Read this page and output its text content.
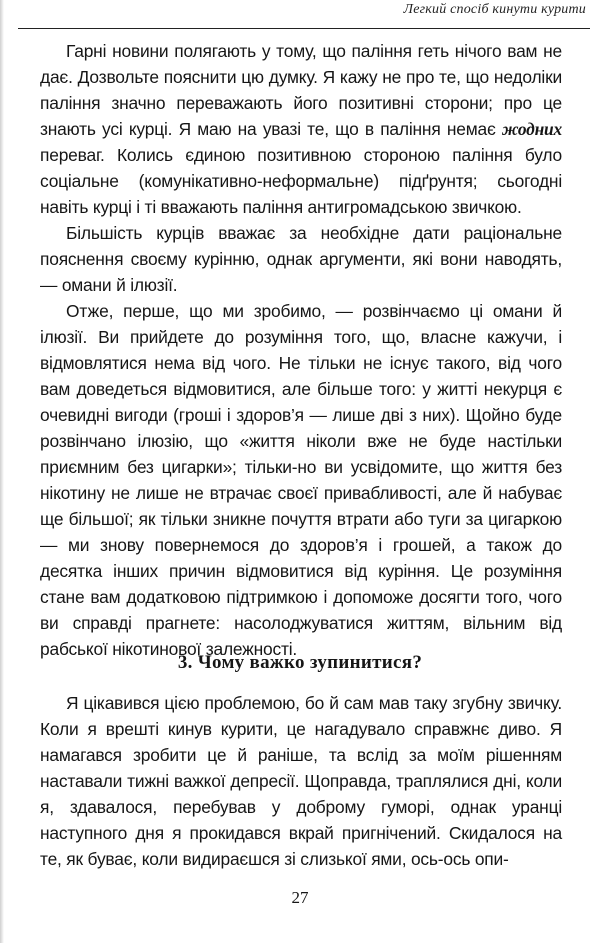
Легкий спосіб кинути курити

Гарні новини полягають у тому, що паління геть нічого вам не дає. Дозвольте пояснити цю думку. Я кажу не про те, що недоліки паління значно переважають його позитивні сторони; про це знають усі курці. Я маю на увазі те, що в паління немає жодних переваг. Колись єдиною позитивною стороною паління було соціальне (комунікативно-неформальне) підґрунтя; сьогодні навіть курці і ті вважають паління антигромадською звичкою.

Більшість курців вважає за необхідне дати раціональне пояснення своєму курінню, однак аргументи, які вони наводять, — омани й ілюзії.

Отже, перше, що ми зробимо, — розвінчаємо ці омани й ілюзії. Ви прийдете до розуміння того, що, власне кажучи, і відмовлятися нема від чого. Не тільки не існує такого, від чого вам доведеться відмовитися, але більше того: у житті некурця є очевидні вигоди (гроші і здоров’я — лише дві з них). Щойно буде розвінчано ілюзію, що «життя ніколи вже не буде настільки приємним без цигарки»; тільки-но ви усвідомите, що життя без нікотину не лише не втрачає своєї привабливості, але й набуває ще більшої; як тільки зникне почуття втрати або туги за цигаркою — ми знову повернемося до здоров’я і грошей, а також до десятка інших причин відмовитися від куріння. Це розуміння стане вам додатковою підтримкою і допоможе досягти того, чого ви справді прагнете: насолоджуватися життям, вільним від рабської нікотинової залежності.

3. Чому важко зупинитися?

Я цікавився цією проблемою, бо й сам мав таку згубну звичку. Коли я врешті кинув курити, це нагадувало справжнє диво. Я намагався зробити це й раніше, та вслід за моїм рішенням наставали тижні важкої депресії. Щоправда, траплялися дні, коли я, здавалося, перебував у доброму гуморі, однак уранці наступного дня я прокидався вкрай пригнічений. Скидалося на те, як буває, коли видираєшся зі слизької ями, ось-ось опи-

27
